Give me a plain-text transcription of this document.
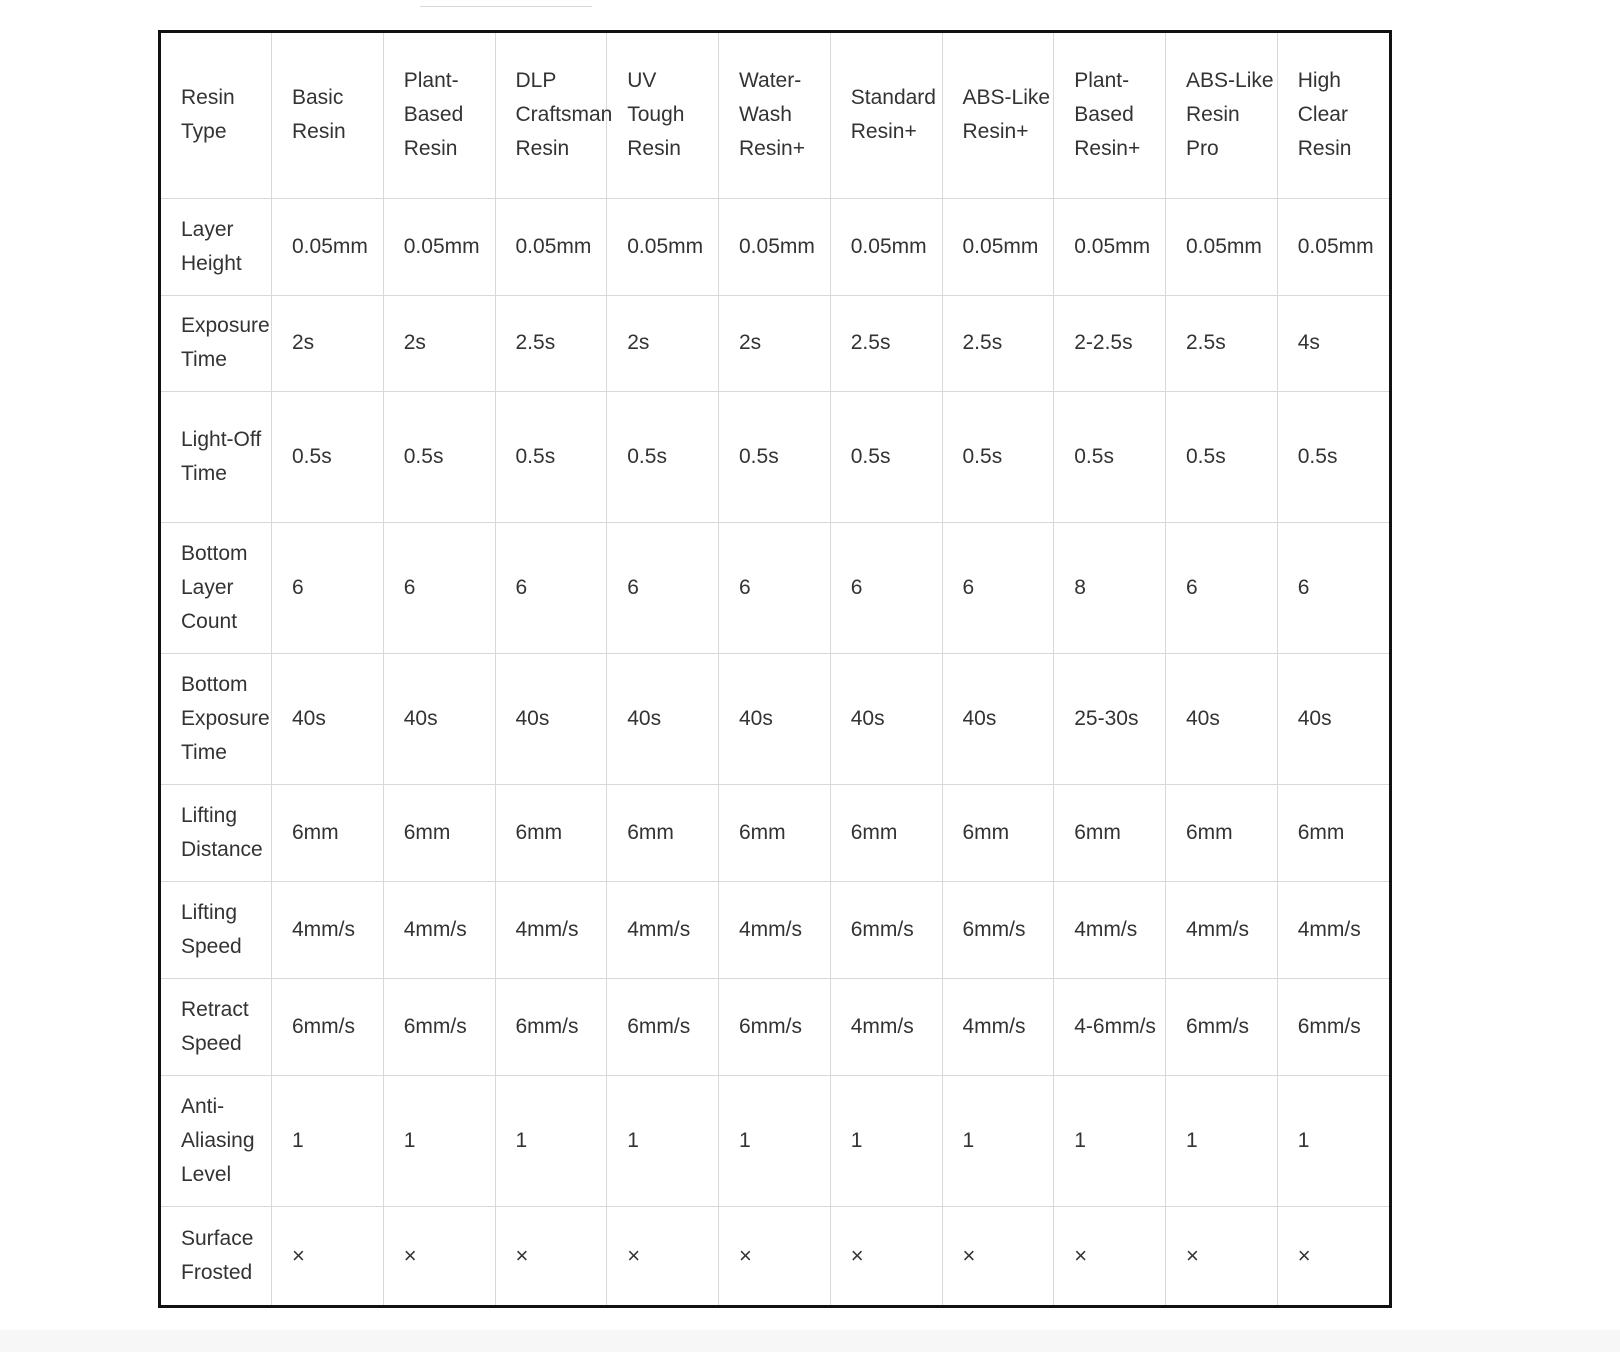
Resin Type	Basic Resin	Plant-Based Resin	DLP Craftsman Resin	UV Tough Resin	Water-Wash Resin+	Standard Resin+	ABS-Like Resin+	Plant-Based Resin+	ABS-Like Resin Pro	High Clear Resin
Layer Height	0.05mm	0.05mm	0.05mm	0.05mm	0.05mm	0.05mm	0.05mm	0.05mm	0.05mm	0.05mm
Exposure Time	2s	2s	2.5s	2s	2s	2.5s	2.5s	2-2.5s	2.5s	4s
Light-Off Time	0.5s	0.5s	0.5s	0.5s	0.5s	0.5s	0.5s	0.5s	0.5s	0.5s
Bottom Layer Count	6	6	6	6	6	6	6	8	6	6
Bottom Exposure Time	40s	40s	40s	40s	40s	40s	40s	25-30s	40s	40s
Lifting Distance	6mm	6mm	6mm	6mm	6mm	6mm	6mm	6mm	6mm	6mm
Lifting Speed	4mm/s	4mm/s	4mm/s	4mm/s	4mm/s	6mm/s	6mm/s	4mm/s	4mm/s	4mm/s
Retract Speed	6mm/s	6mm/s	6mm/s	6mm/s	6mm/s	4mm/s	4mm/s	4-6mm/s	6mm/s	6mm/s
Anti-Aliasing Level	1	1	1	1	1	1	1	1	1	1
Surface Frosted	×	×	×	×	×	×	×	×	×	×
